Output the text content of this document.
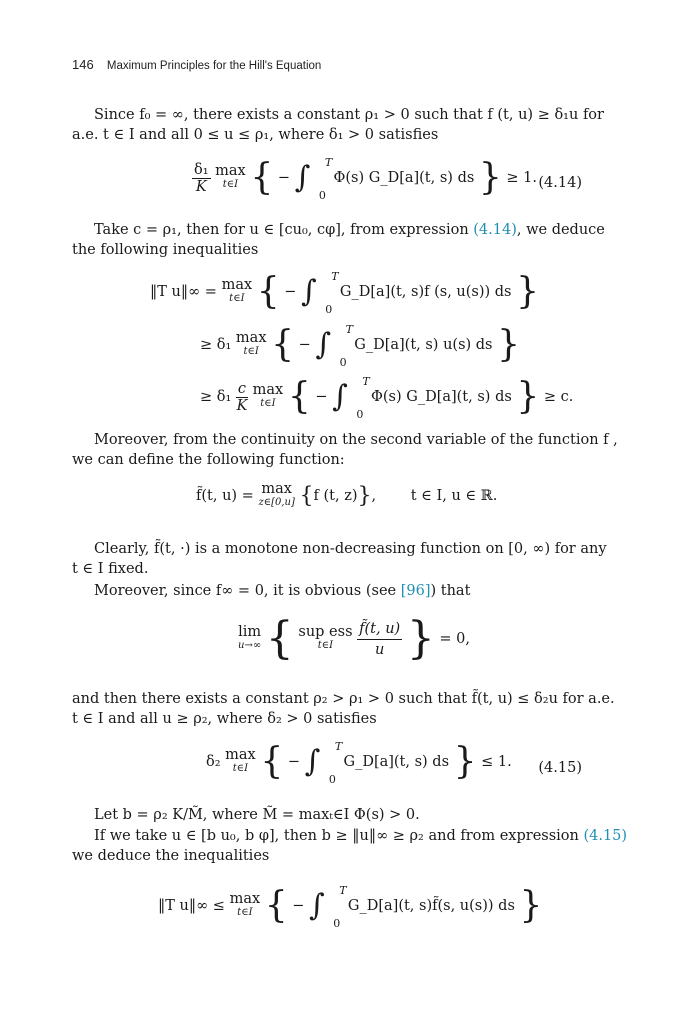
146 Maximum Principles for the Hill's Equation
Since f₀ = ∞, there exists a constant ρ₁ > 0 such that f (t, u) ≥ δ₁u for
a.e. t ∈ I and all 0 ≤ u ≤ ρ₁, where δ₁ > 0 satisfies
$\frac{\text{δ₁}}{K}$ max
t∈I { − ∫ T
0
Φ(s) G_D[a](t, s) ds } ≥ 1. (4.14)
Take c = ρ₁, then for u ∈ [cu₀, cφ], from expression (4.14), we deduce
the following inequalities
‖T u‖∞ = max
t∈I { − ∫ T
0
G_D[a](t, s)f (s, u(s)) ds }
≥ δ₁ max
t∈I { − ∫ T
0
G_D[a](t, s) u(s) ds }
≥ $\delta_1 \frac{c}{K}$ max
t∈I { − ∫ T
0
Φ(s) G_D[a](t, s) ds } ≥ c.
Moreover, from the continuity on the second variable of the function f ,
we can define the following function:
f̃(t, u) = max
z∈[0,u] {f (t, z)}, t ∈ I, u ∈ ℝ.
Clearly, f̃(t, ·) is a monotone non-decreasing function on [0, ∞) for any
t ∈ I fixed.
Moreover, since f∞ = 0, it is obvious (see [96]) that
lim
u→∞ { sup ess
t∈I
	$\frac{f̃(t, u)}{u}$ } = 0,
and then there exists a constant ρ₂ > ρ₁ > 0 such that f̃(t, u) ≤ δ₂u for a.e.
t ∈ I and all u ≥ ρ₂, where δ₂ > 0 satisfies
δ₂ max
t∈I { − ∫ T
0
G_D[a](t, s) ds } ≤ 1. (4.15)
Let b = ρ₂ K/M̃, where M̃ = maxₜ∈I Φ(s) > 0.
If we take u ∈ [b u₀, b φ], then b ≥ ‖u‖∞ ≥ ρ₂ and from expression (4.15)
we deduce the inequalities
‖T u‖∞ ≤ max
t∈I { − ∫ T
0
G_D[a](t, s)f̃(s, u(s)) ds }
